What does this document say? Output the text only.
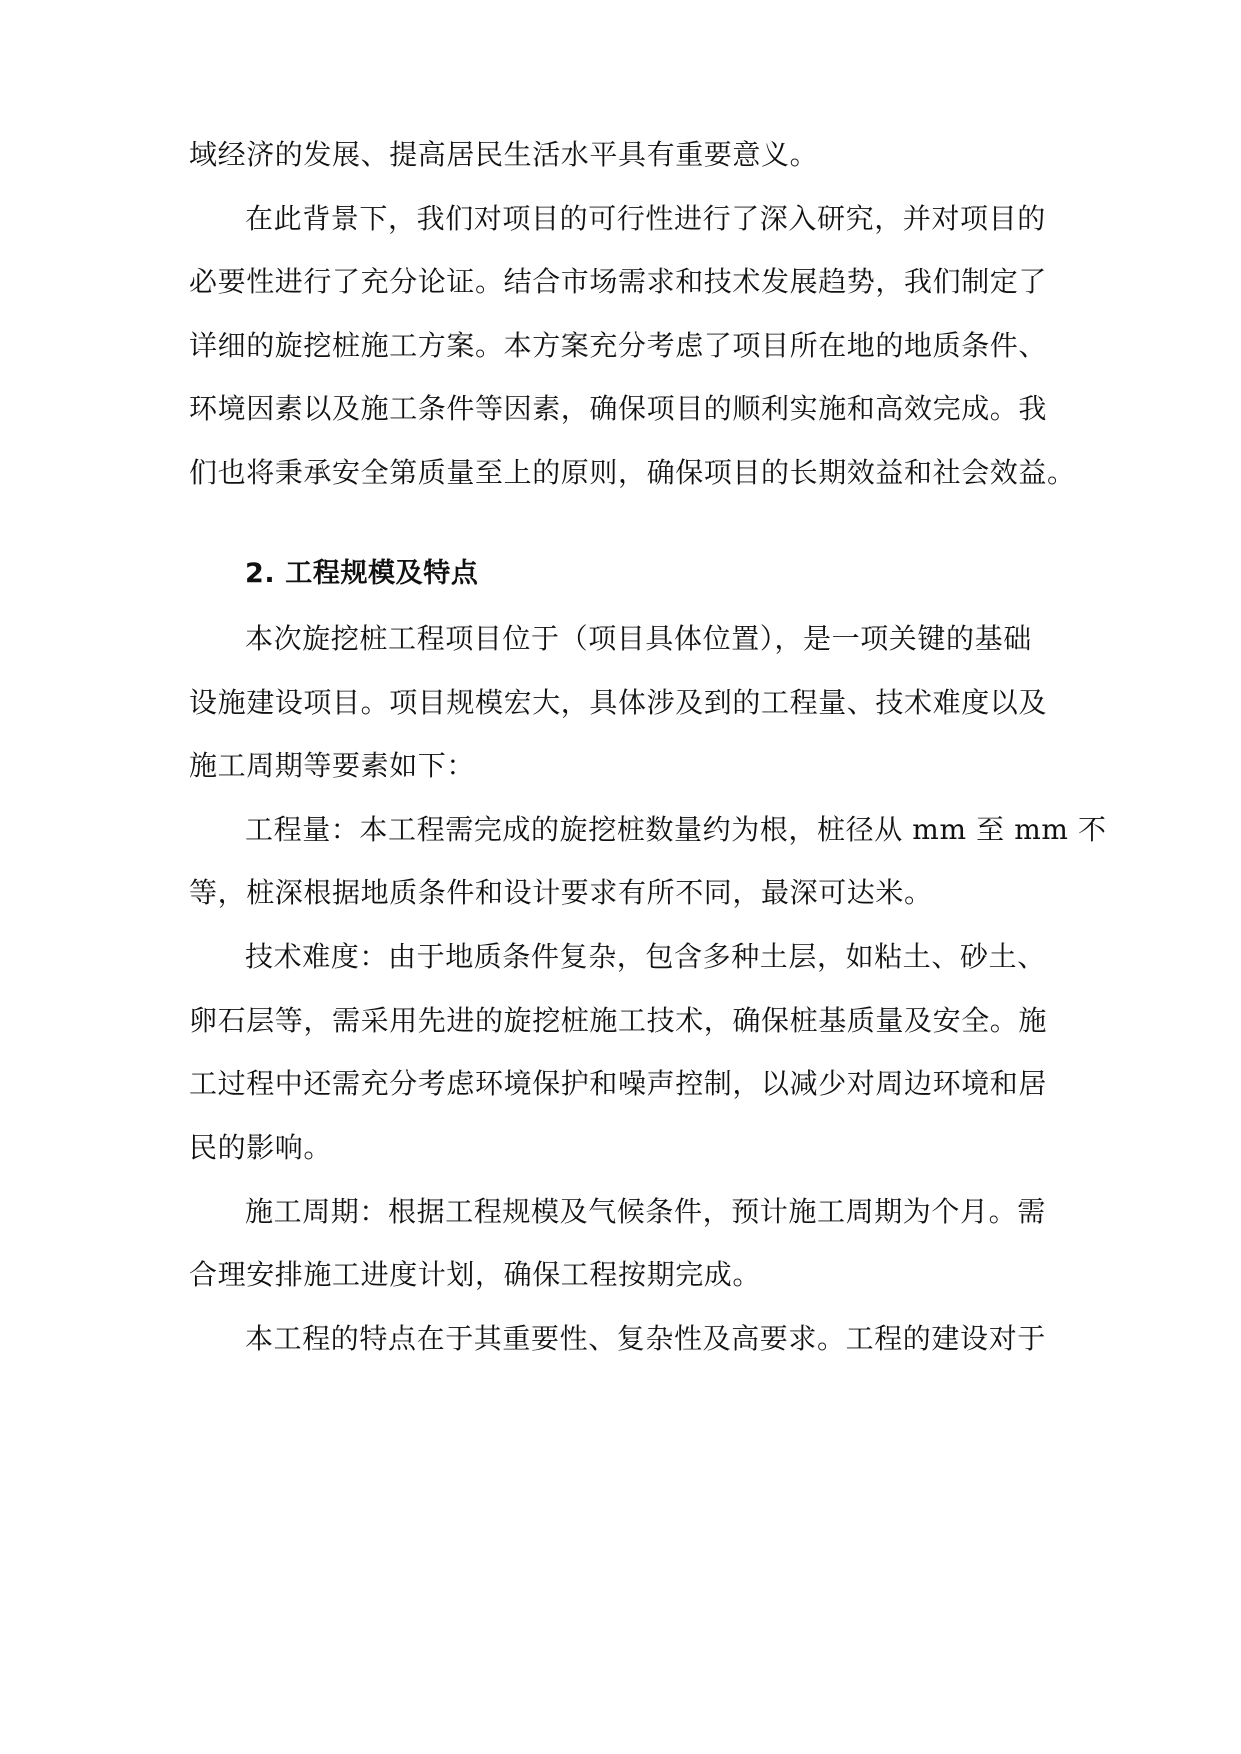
域经济的发展、提高居民生活水平具有重要意义。
在此背景下，我们对项目的可行性进行了深入研究，并对项目的
必要性进行了充分论证。结合市场需求和技术发展趋势，我们制定了
详细的旋挖桩施工方案。本方案充分考虑了项目所在地的地质条件、
环境因素以及施工条件等因素，确保项目的顺利实施和高效完成。我
们也将秉承安全第质量至上的原则，确保项目的长期效益和社会效益。
2. 工程规模及特点
本次旋挖桩工程项目位于（项目具体位置），是一项关键的基础
设施建设项目。项目规模宏大，具体涉及到的工程量、技术难度以及
施工周期等要素如下：
工程量：本工程需完成的旋挖桩数量约为根，桩径从 mm 至 mm 不
等，桩深根据地质条件和设计要求有所不同，最深可达米。
技术难度：由于地质条件复杂，包含多种土层，如粘土、砂土、
卵石层等，需采用先进的旋挖桩施工技术，确保桩基质量及安全。施
工过程中还需充分考虑环境保护和噪声控制，以减少对周边环境和居
民的影响。
施工周期：根据工程规模及气候条件，预计施工周期为个月。需
合理安排施工进度计划，确保工程按期完成。
本工程的特点在于其重要性、复杂性及高要求。工程的建设对于
